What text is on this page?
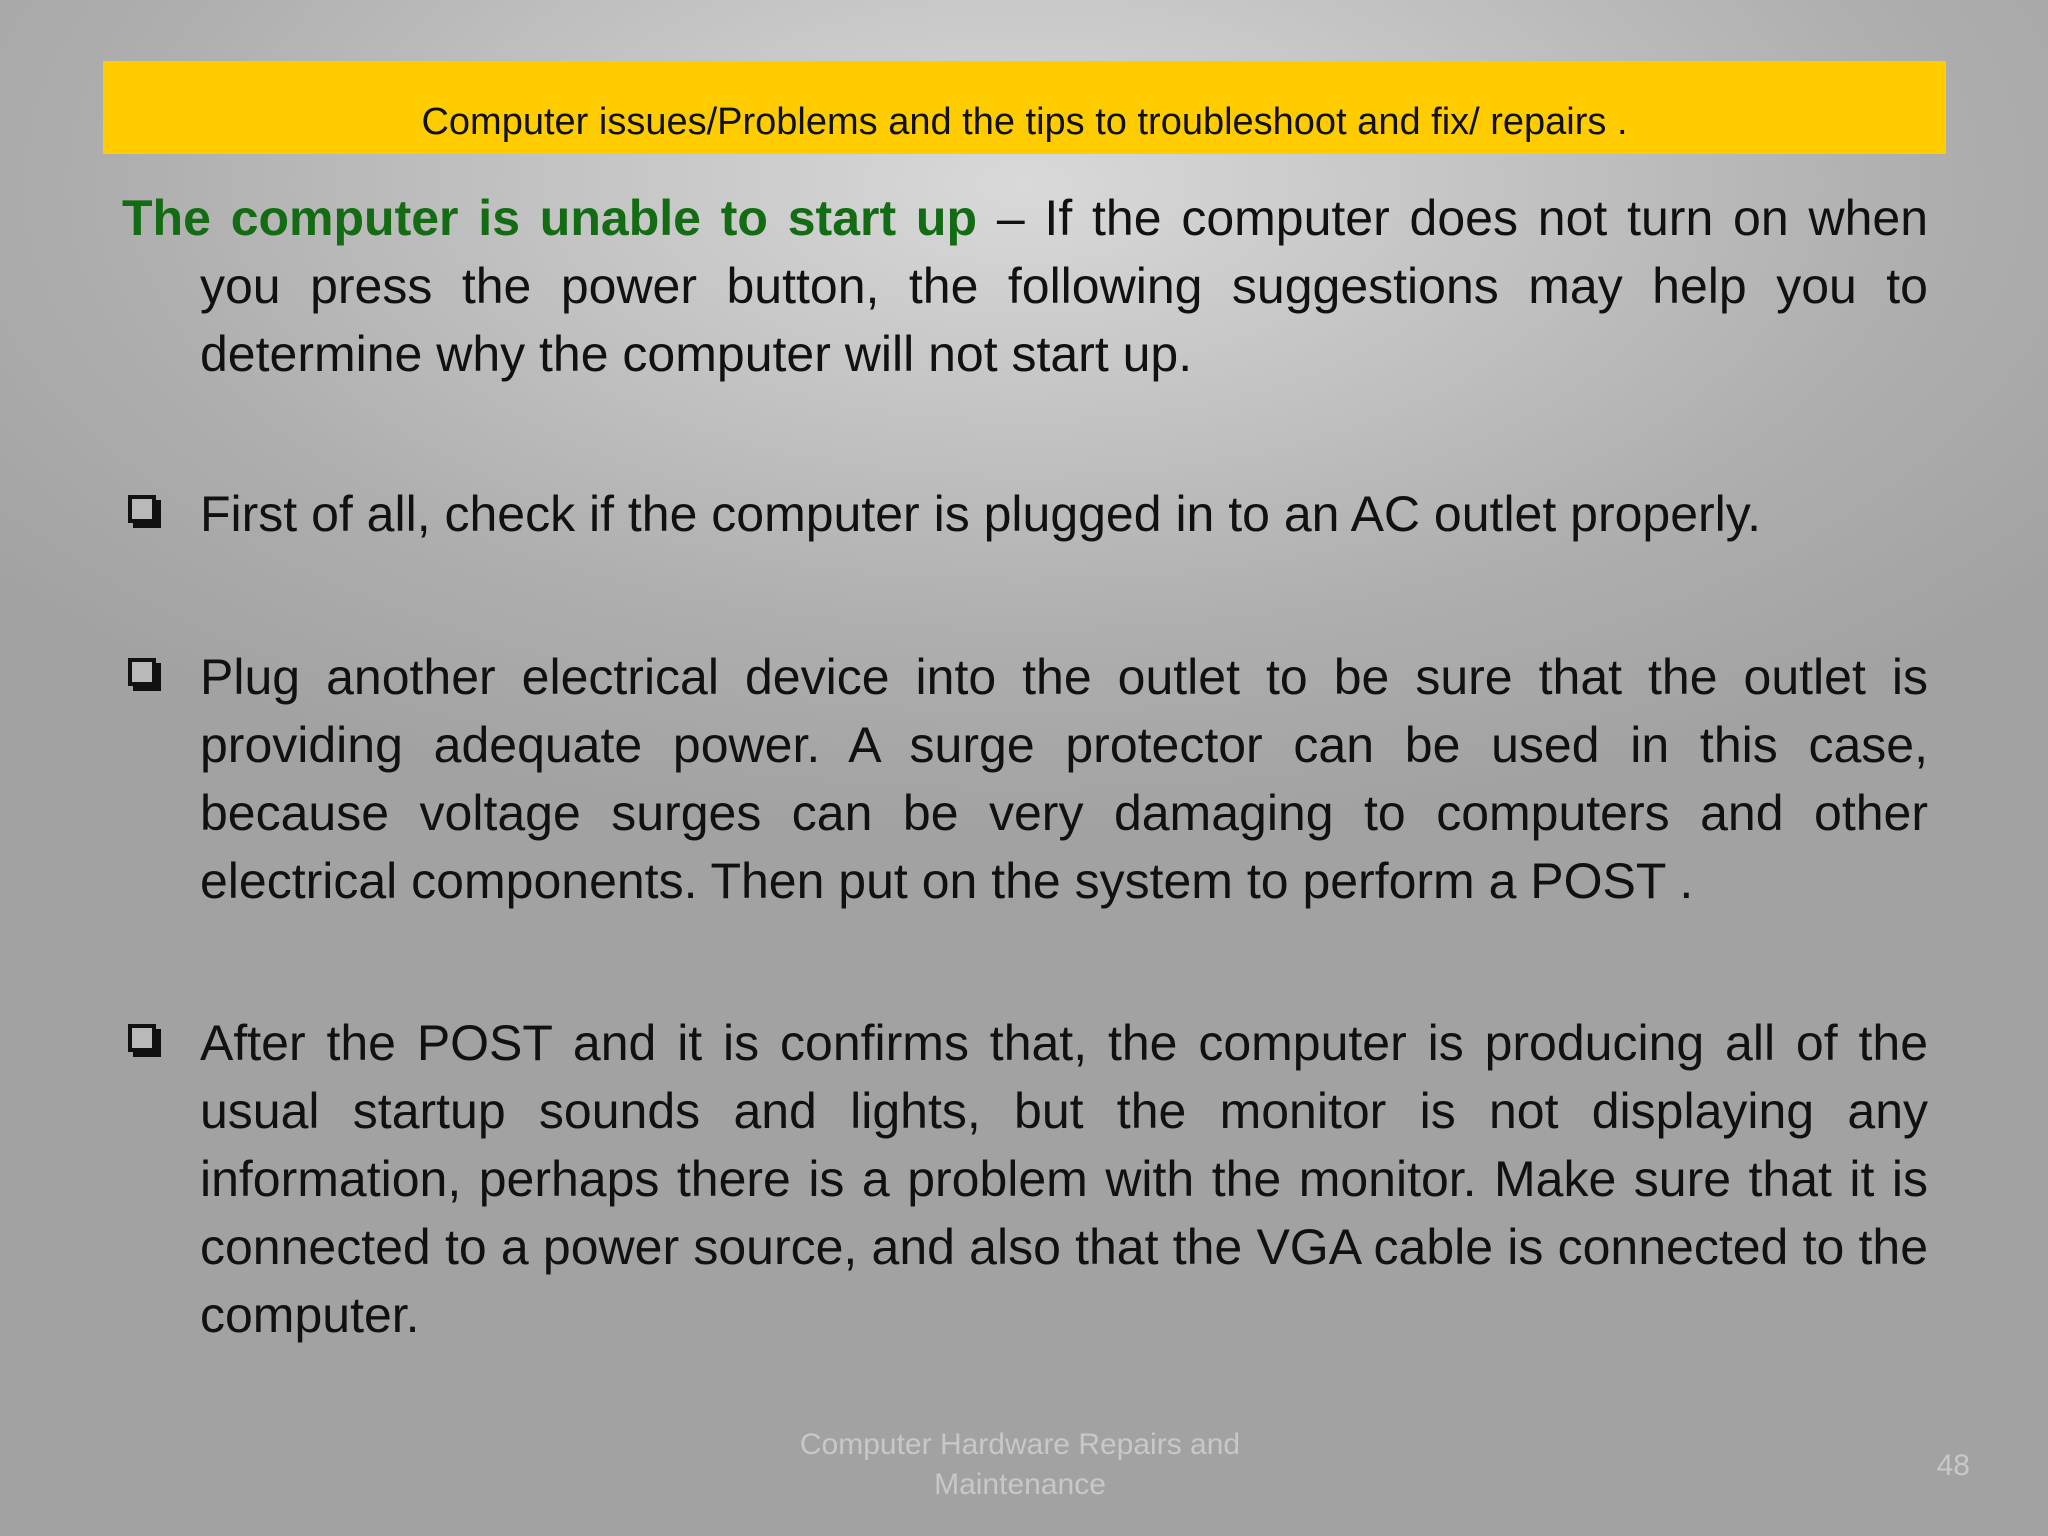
Computer issues/Problems and the tips to troubleshoot and fix/ repairs .

The computer is unable to start up – If the computer does not turn on when you press the power button, the following suggestions may help you to determine why the computer will not start up.

First of all, check if the computer is plugged in to an AC outlet properly.
Plug another electrical device into the outlet to be sure that the outlet is providing adequate power. A surge protector can be used in this case, because voltage surges can be very damaging to computers and other electrical components. Then put on the system to perform a POST .
After the POST and it is confirms that, the computer is producing all of the usual startup sounds and lights, but the monitor is not displaying any information, perhaps there is a problem with the monitor. Make sure that it is connected to a power source, and also that the VGA cable is connected to the computer.
Computer Hardware Repairs and
Maintenance
48
